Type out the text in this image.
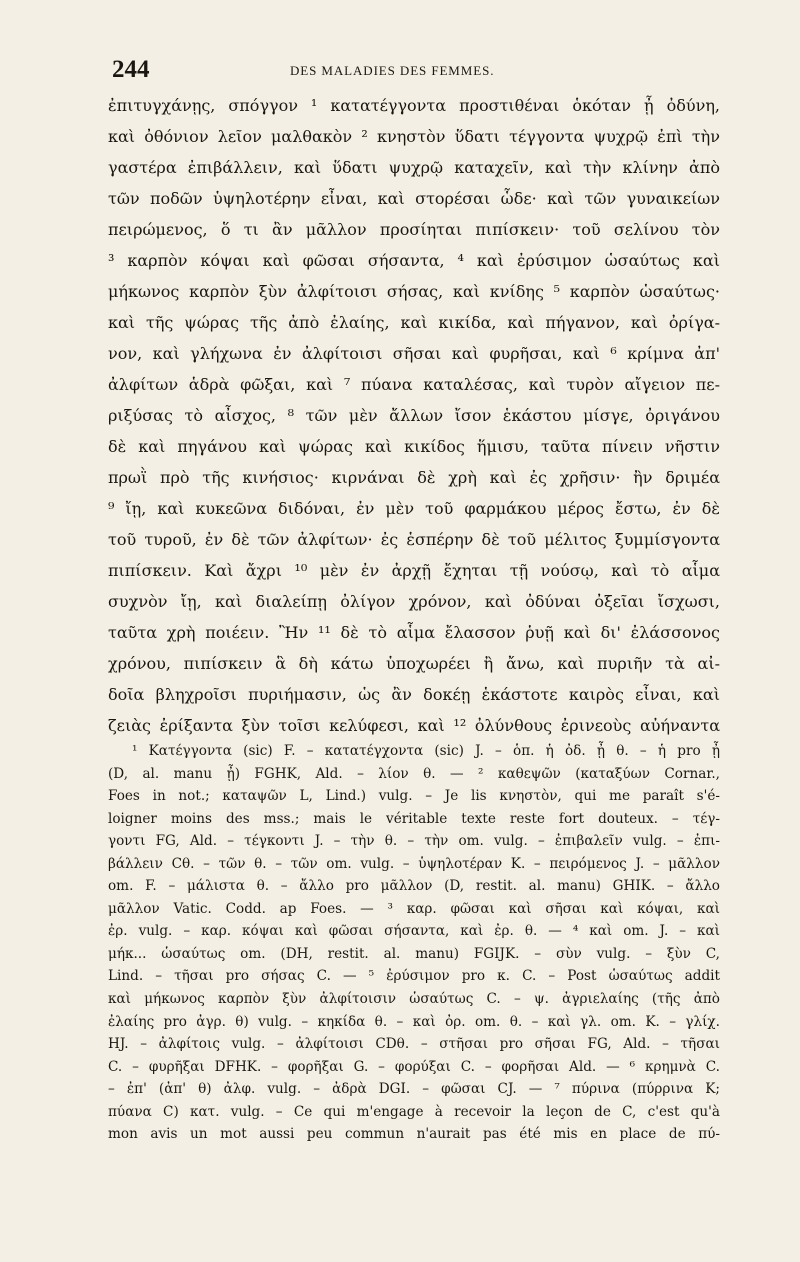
244	DES MALADIES DES FEMMES.
ἐπιτυγχάνῃς, σπόγγον ¹ κατατέγγοντα προστιθέναι ὁκόταν ᾖ ὀδύνη,
καὶ ὀθόνιον λεῖον μαλθακὸν ² κνηστὸν ὕδατι τέγγοντα ψυχρῷ ἐπὶ τὴν
γαστέρα ἐπιβάλλειν, καὶ ὕδατι ψυχρῷ καταχεῖν, καὶ τὴν κλίνην ἀπὸ
τῶν ποδῶν ὑψηλοτέρην εἶναι, καὶ στορέσαι ὧδε· καὶ τῶν γυναικείων
πειρώμενος, ὅ τι ἂν μᾶλλον προσίηται πιπίσκειν· τοῦ σελίνου τὸν
³ καρπὸν κόψαι καὶ φῶσαι σήσαντα, ⁴ καὶ ἐρύσιμον ὡσαύτως καὶ
μήκωνος καρπὸν ξὺν ἀλφίτοισι σήσας, καὶ κνίδης ⁵ καρπὸν ὡσαύτως·
καὶ τῆς ψώρας τῆς ἀπὸ ἐλαίης, καὶ κικίδα, καὶ πήγανον, καὶ ὀρίγα-
νον, καὶ γλήχωνα ἐν ἀλφίτοισι σῆσαι καὶ φυρῆσαι, καὶ ⁶ κρίμνα ἀπ'
ἀλφίτων ἁδρὰ φῶξαι, καὶ ⁷ πύανα καταλέσας, καὶ τυρὸν αἴγειον πε-
ριξύσας τὸ αἶσχος, ⁸ τῶν μὲν ἄλλων ἴσον ἑκάστου μίσγε, ὀριγάνου
δὲ καὶ πηγάνου καὶ ψώρας καὶ κικίδος ἥμισυ, ταῦτα πίνειν νῆστιν
πρωῒ πρὸ τῆς κινήσιος· κιρνάναι δὲ χρὴ καὶ ἐς χρῆσιν· ἢν δριμέα
⁹ ἴῃ, καὶ κυκεῶνα διδόναι, ἐν μὲν τοῦ φαρμάκου μέρος ἔστω, ἐν δὲ
τοῦ τυροῦ, ἐν δὲ τῶν ἀλφίτων· ἐς ἑσπέρην δὲ τοῦ μέλιτος ξυμμίσγοντα
πιπίσκειν. Καὶ ἄχρι ¹⁰ μὲν ἐν ἀρχῇ ἔχηται τῇ νούσῳ, καὶ τὸ αἷμα
συχνὸν ἴῃ, καὶ διαλείπῃ ὀλίγον χρόνον, καὶ ὀδύναι ὀξεῖαι ἴσχωσι,
ταῦτα χρὴ ποιέειν. Ἢν ¹¹ δὲ τὸ αἷμα ἔλασσον ῥυῇ καὶ δι' ἐλάσσονος
χρόνου, πιπίσκειν ἃ δὴ κάτω ὑποχωρέει ἢ ἄνω, καὶ πυριῆν τὰ αἰ-
δοῖα βληχροῖσι πυριήμασιν, ὡς ἂν δοκέῃ ἑκάστοτε καιρὸς εἶναι, καὶ
ζειὰς ἐρίξαντα ξὺν τοῖσι κελύφεσι, καὶ ¹² ὀλύνθους ἐρινεοὺς αὐήναντα
¹ Κατέγγοντα (sic) F. – κατατέγχοντα (sic) J. – ὁπ. ἡ ὀδ. ᾖ θ. – ἡ pro ᾖ
(D, al. manu ᾖ) FGHK, Ald. – λίον θ. — ² καθεψῶν (καταξύων Cornar.,
Foes in not.; καταψῶν L, Lind.) vulg. – Je lis κνηστὸν, qui me paraît s'é-
loigner moins des mss.; mais le véritable texte reste fort douteux. – τέγ-
γοντι FG, Ald. – τέγκοντι J. – τὴν θ. – τὴν om. vulg. – ἐπιβαλεῖν vulg. – ἐπι-
βάλλειν Cθ. – τῶν θ. – τῶν om. vulg. – ὑψηλοτέραν K. – πειρόμενος J. – μᾶλλον
om. F. – μάλιστα θ. – ἄλλο pro μᾶλλον (D, restit. al. manu) GHIK. – ἄλλο
μᾶλλον Vatic. Codd. ap Foes. — ³ καρ. φῶσαι καὶ σῆσαι καὶ κόψαι, καὶ
ἐρ. vulg. – καρ. κόψαι καὶ φῶσαι σήσαντα, καὶ ἐρ. θ. — ⁴ καὶ om. J. – καὶ
μήκ... ὡσαύτως om. (DH, restit. al. manu) FGIJK. – σὺν vulg. – ξὺν C,
Lind. – τῆσαι pro σήσας C. — ⁵ ἐρύσιμον pro κ. C. – Post ὡσαύτως addit
καὶ μήκωνος καρπὸν ξὺν ἀλφίτοισιν ὡσαύτως C. – ψ. ἀγριελαίης (τῆς ἀπὸ
ἐλαίης pro ἀγρ. θ) vulg. – κηκίδα θ. – καὶ ὀρ. om. θ. – καὶ γλ. om. K. – γλίχ.
HJ. – ἀλφίτοις vulg. – ἀλφίτοισι CDθ. – στῆσαι pro σῆσαι FG, Ald. – τῆσαι
C. – φυρῆξαι DFHK. – φορῆξαι G. – φορύξαι C. – φορῆσαι Ald. — ⁶ κρημνὰ C.
– ἐπ' (ἀπ' θ) ἀλφ. vulg. – ἀδρὰ DGI. – φῶσαι CJ. — ⁷ πύρινα (πύρρινα K;
πύανα C) κατ. vulg. – Ce qui m'engage à recevoir la leçon de C, c'est qu'à
mon avis un mot aussi peu commun n'aurait pas été mis en place de πύ-
